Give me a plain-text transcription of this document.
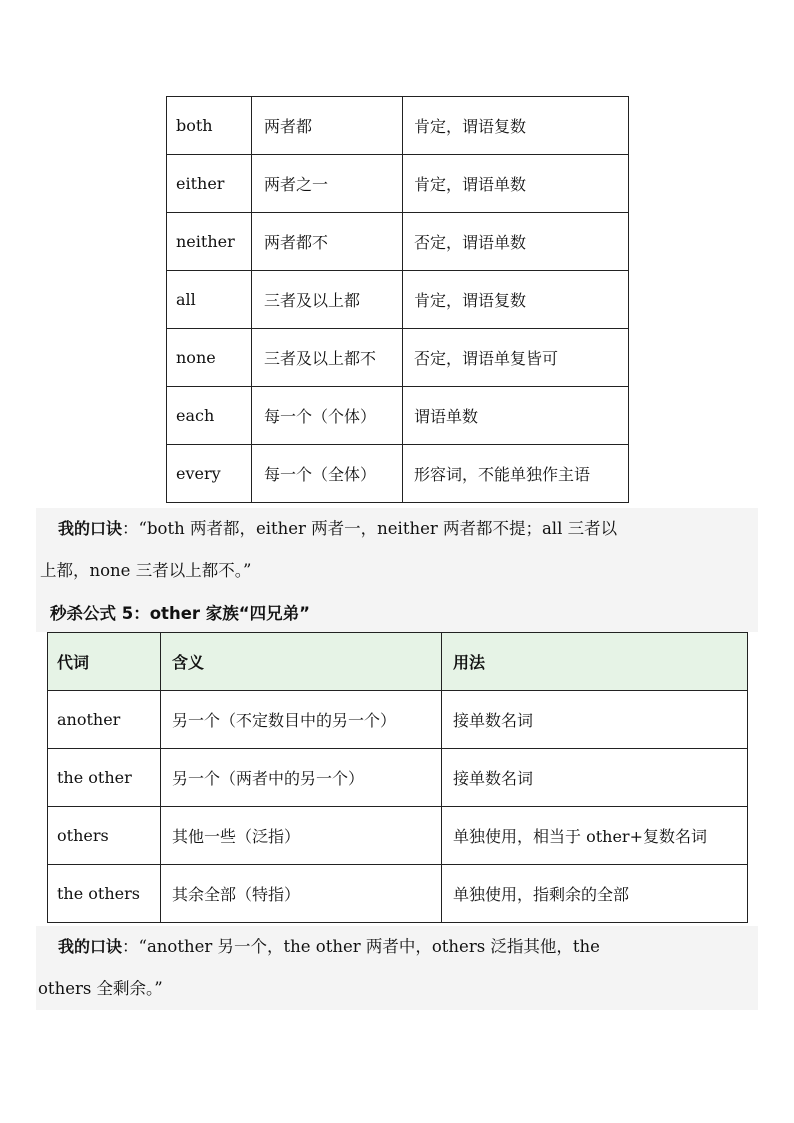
both	两者都	肯定，谓语复数
either	两者之一	肯定，谓语单数
neither	两者都不	否定，谓语单数
all	三者及以上都	肯定，谓语复数
none	三者及以上都不	否定，谓语单复皆可
each	每一个（个体）	谓语单数
every	每一个（全体）	形容词，不能单独作主语
我的口诀：“both 两者都，either 两者一，neither 两者都不提；all 三者以
上都，none 三者以上都不。”
秒杀公式 5：other 家族“四兄弟”
代词	含义	用法
another	另一个（不定数目中的另一个）	接单数名词
the other	另一个（两者中的另一个）	接单数名词
others	其他一些（泛指）	单独使用，相当于 other+复数名词
the others	其余全部（特指）	单独使用，指剩余的全部
我的口诀：“another 另一个，the other 两者中，others 泛指其他，the
others 全剩余。”
